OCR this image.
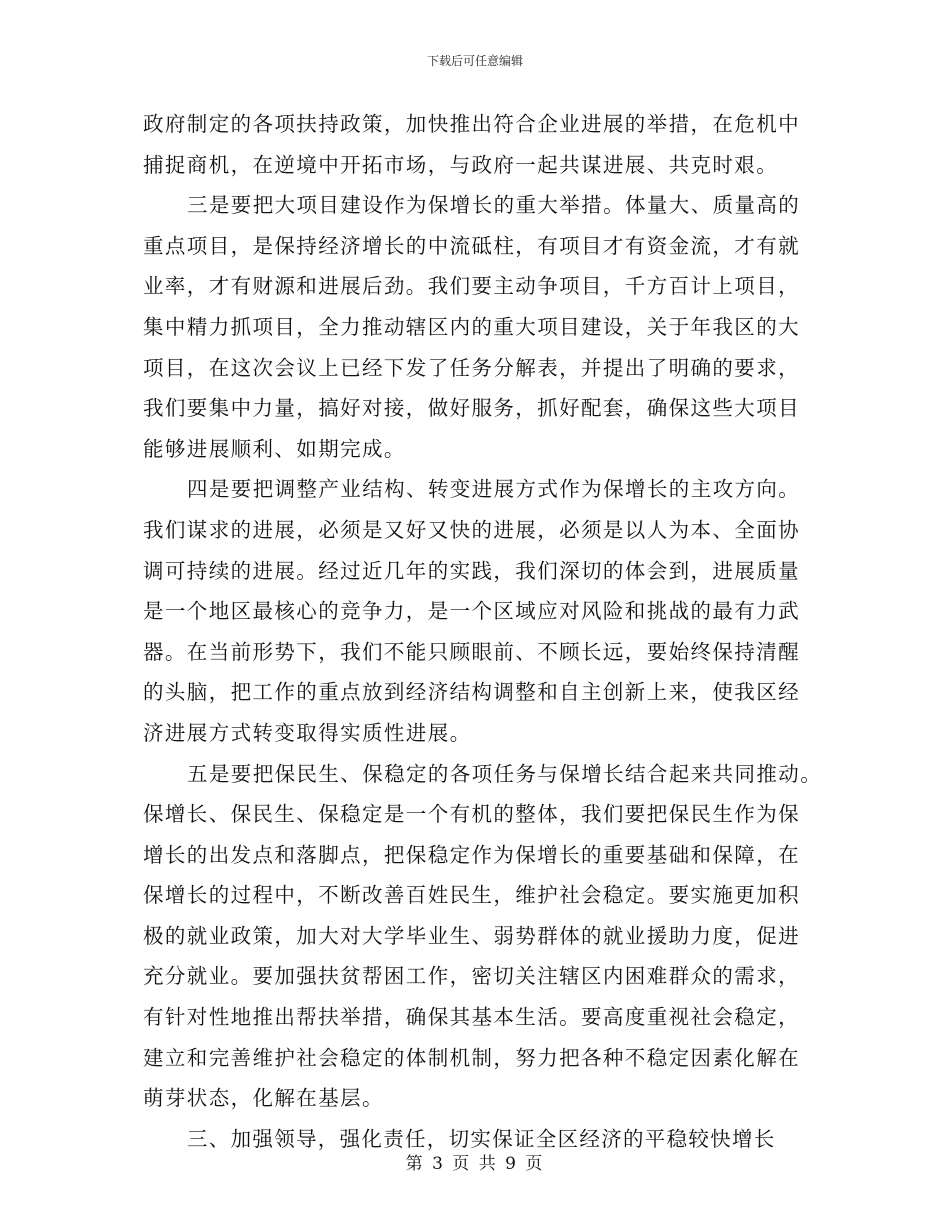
下载后可任意编辑
政府制定的各项扶持政策，加快推出符合企业进展的举措，在危机中
捕捉商机，在逆境中开拓市场，与政府一起共谋进展、共克时艰。
三是要把大项目建设作为保增长的重大举措。体量大、质量高的
重点项目，是保持经济增长的中流砥柱，有项目才有资金流，才有就
业率，才有财源和进展后劲。我们要主动争项目，千方百计上项目，
集中精力抓项目，全力推动辖区内的重大项目建设，关于年我区的大
项目，在这次会议上已经下发了任务分解表，并提出了明确的要求，
我们要集中力量，搞好对接，做好服务，抓好配套，确保这些大项目
能够进展顺利、如期完成。
四是要把调整产业结构、转变进展方式作为保增长的主攻方向。
我们谋求的进展，必须是又好又快的进展，必须是以人为本、全面协
调可持续的进展。经过近几年的实践，我们深切的体会到，进展质量
是一个地区最核心的竞争力，是一个区域应对风险和挑战的最有力武
器。在当前形势下，我们不能只顾眼前、不顾长远，要始终保持清醒
的头脑，把工作的重点放到经济结构调整和自主创新上来，使我区经
济进展方式转变取得实质性进展。
五是要把保民生、保稳定的各项任务与保增长结合起来共同推动。
保增长、保民生、保稳定是一个有机的整体，我们要把保民生作为保
增长的出发点和落脚点，把保稳定作为保增长的重要基础和保障，在
保增长的过程中，不断改善百姓民生，维护社会稳定。要实施更加积
极的就业政策，加大对大学毕业生、弱势群体的就业援助力度，促进
充分就业。要加强扶贫帮困工作，密切关注辖区内困难群众的需求，
有针对性地推出帮扶举措，确保其基本生活。要高度重视社会稳定，
建立和完善维护社会稳定的体制机制，努力把各种不稳定因素化解在
萌芽状态，化解在基层。
三、加强领导，强化责任，切实保证全区经济的平稳较快增长
第 3 页 共 9 页
